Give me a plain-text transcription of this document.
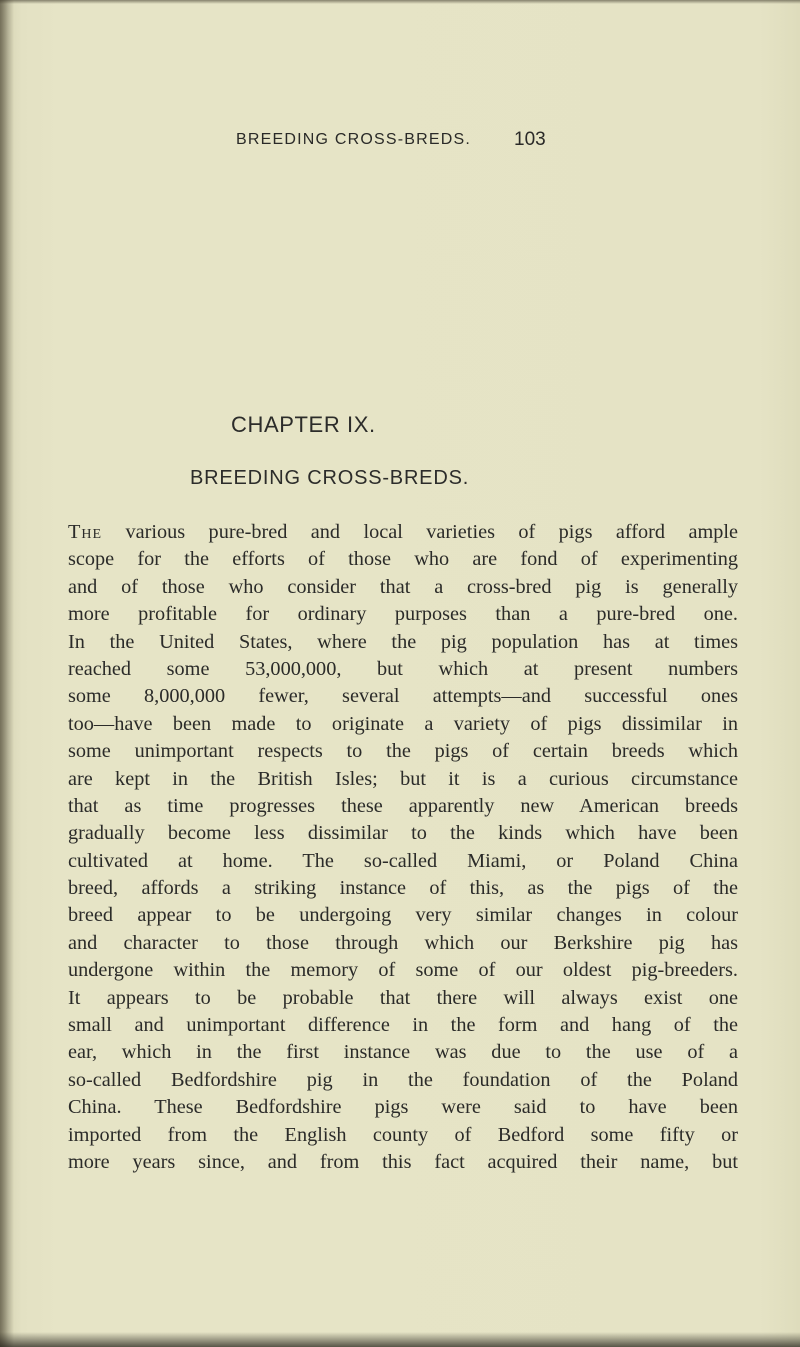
BREEDING CROSS-BREDS.	103
CHAPTER IX.
BREEDING CROSS-BREDS.
The various pure-bred and local varieties of pigs afford ample
scope for the efforts of those who are fond of experimenting
and of those who consider that a cross-bred pig is generally
more profitable for ordinary purposes than a pure-bred one.
In the United States, where the pig population has at times
reached some 53,000,000, but which at present numbers
some 8,000,000 fewer, several attempts—and successful ones
too—have been made to originate a variety of pigs dissimilar in
some unimportant respects to the pigs of certain breeds which
are kept in the British Isles; but it is a curious circumstance
that as time progresses these apparently new American breeds
gradually become less dissimilar to the kinds which have been
cultivated at home. The so-called Miami, or Poland China
breed, affords a striking instance of this, as the pigs of the
breed appear to be undergoing very similar changes in colour
and character to those through which our Berkshire pig has
undergone within the memory of some of our oldest pig-breeders.
It appears to be probable that there will always exist one
small and unimportant difference in the form and hang of the
ear, which in the first instance was due to the use of a
so-called Bedfordshire pig in the foundation of the Poland
China. These Bedfordshire pigs were said to have been
imported from the English county of Bedford some fifty or
more years since, and from this fact acquired their name, but
